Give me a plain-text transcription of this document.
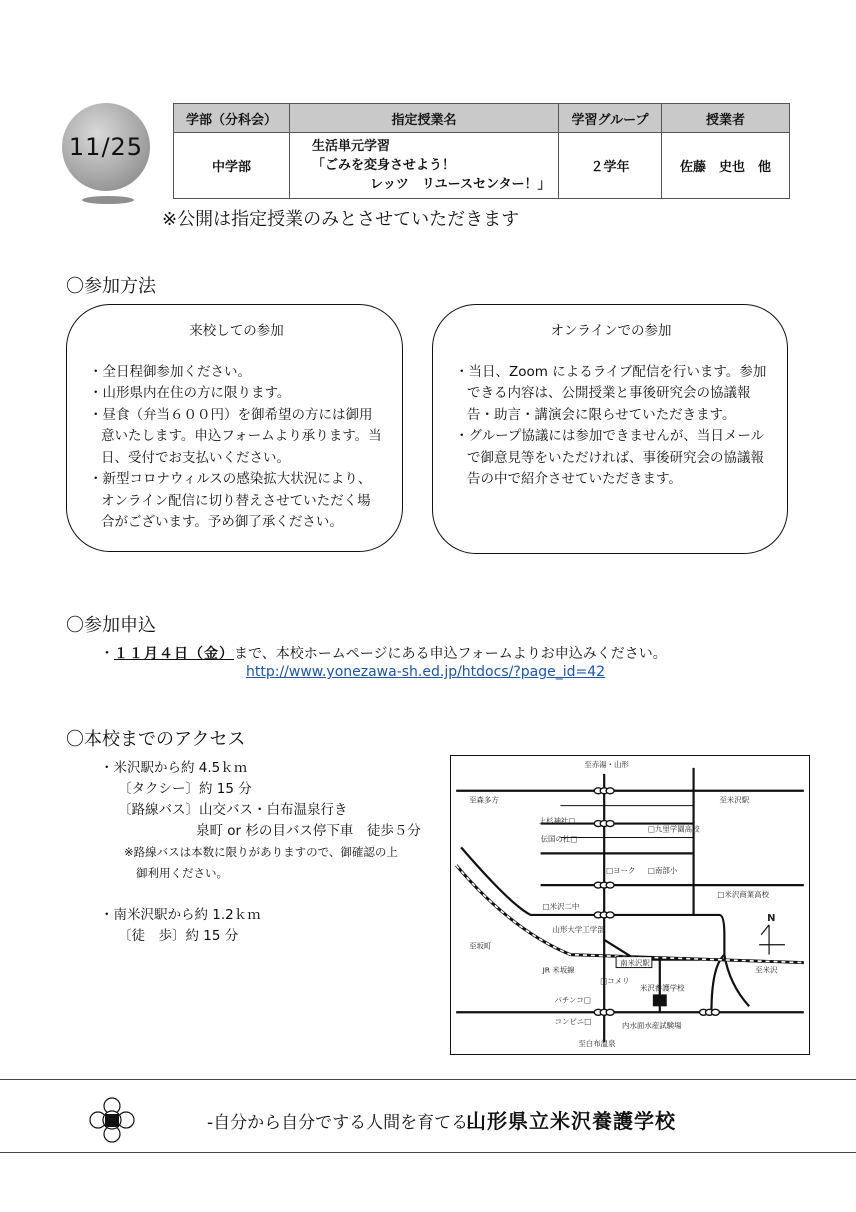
11/25
学部（分科会）	指定授業名	学習グループ	授業者
中学部	生活単元学習
「ごみを変身させよう！
レッツ　リユースセンター！」	２学年	佐藤　史也　他
※公開は指定授業のみとさせていただきます
〇参加方法
来校しての参加
・全日程御参加ください。
・山形県内在住の方に限ります。
・昼食（弁当６００円）を御希望の方には御用意いたします。申込フォームより承ります。当日、受付でお支払いください。
・新型コロナウィルスの感染拡大状況により、オンライン配信に切り替えさせていただく場合がございます。予め御了承ください。
オンラインでの参加
・当日、Zoom によるライブ配信を行います。参加できる内容は、公開授業と事後研究会の協議報告・助言・講演会に限らせていただきます。
・グループ協議には参加できませんが、当日メールで御意見等をいただければ、事後研究会の協議報告の中で紹介させていただきます。
〇参加申込
・１１月４日（金）まで、本校ホームページにある申込フォームよりお申込みください。
http://www.yonezawa-sh.ed.jp/htdocs/?page_id=42
〇本校までのアクセス
・米沢駅から約 4.5ｋｍ
〔タクシー〕約 15 分
〔路線バス〕山交バス・白布温泉行き
泉町 or 杉の目バス停下車　徒歩５分
※路線バスは本数に限りがありますので、御確認の上
御利用ください。
・南米沢駅から約 1.2ｋｍ
〔徒　歩〕約 15 分
N
至赤湯・山形
至森多方	至米沢駅
上杉神社□
伝国の杜□
□九里学園高校
□ヨーク □南部小
□米沢二中
□米沢商業高校
山形大学工学部
至坂町
南米沢駅
JR 米坂線
□コメリ
米沢養護学校
パチンコ□
コンビニ□	内水面水産試験場
至米沢
至白布温泉
-自分から自分でする人間を育てる-
山形県立米沢養護学校
